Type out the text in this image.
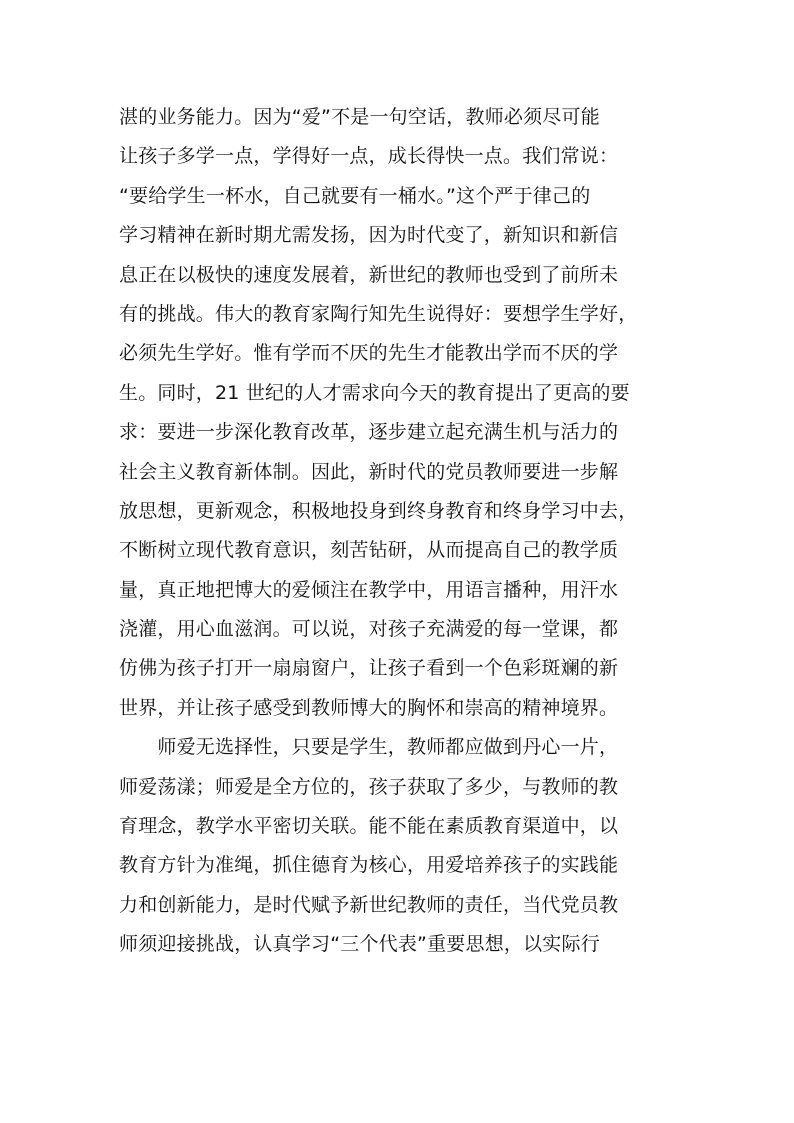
湛的业务能力。因为“爱”不是一句空话，教师必须尽可能
让孩子多学一点，学得好一点，成长得快一点。我们常说：
“要给学生一杯水，自己就要有一桶水。”这个严于律己的
学习精神在新时期尤需发扬，因为时代变了，新知识和新信
息正在以极快的速度发展着，新世纪的教师也受到了前所未
有的挑战。伟大的教育家陶行知先生说得好：要想学生学好，
必须先生学好。惟有学而不厌的先生才能教出学而不厌的学
生。同时，21 世纪的人才需求向今天的教育提出了更高的要
求：要进一步深化教育改革，逐步建立起充满生机与活力的
社会主义教育新体制。因此，新时代的党员教师要进一步解
放思想，更新观念，积极地投身到终身教育和终身学习中去，
不断树立现代教育意识，刻苦钻研，从而提高自己的教学质
量，真正地把博大的爱倾注在教学中，用语言播种，用汗水
浇灌，用心血滋润。可以说，对孩子充满爱的每一堂课，都
仿佛为孩子打开一扇扇窗户，让孩子看到一个色彩斑斓的新
世界，并让孩子感受到教师博大的胸怀和崇高的精神境界。
　　师爱无选择性，只要是学生，教师都应做到丹心一片，
师爱荡漾；师爱是全方位的，孩子获取了多少，与教师的教
育理念，教学水平密切关联。能不能在素质教育渠道中，以
教育方针为准绳，抓住德育为核心，用爱培养孩子的实践能
力和创新能力，是时代赋予新世纪教师的责任，当代党员教
师须迎接挑战，认真学习“三个代表”重要思想，以实际行
